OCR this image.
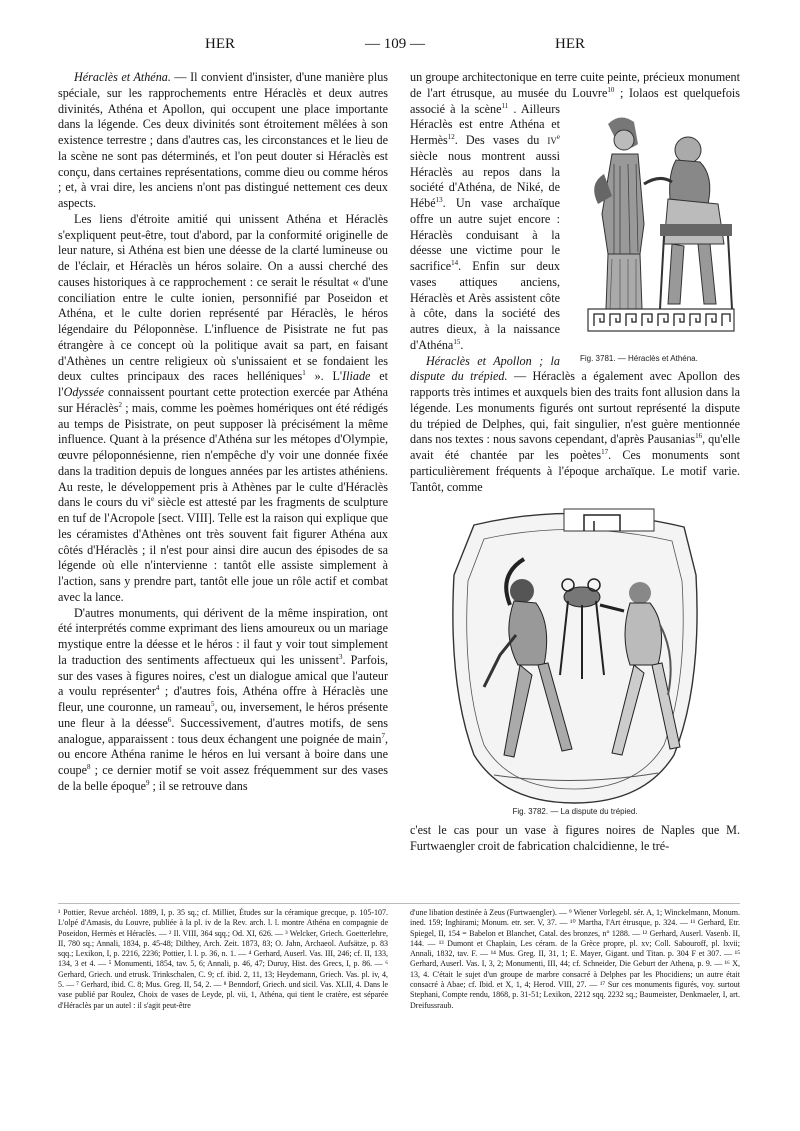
HER	— 109 —	HER

Héraclès et Athéna. — Il convient d'insister, d'une manière plus spéciale, sur les rapprochements entre Héraclès et deux autres divinités, Athéna et Apollon, qui occupent une place importante dans la légende. Ces deux divinités sont étroitement mêlées à son existence terrestre ; dans d'autres cas, les circonstances et le lieu de la scène ne sont pas déterminés, et l'on peut douter si Héraclès est conçu, dans certaines représentations, comme dieu ou comme héros ; et, à vrai dire, les anciens n'ont pas distingué nettement ces deux aspects.

Les liens d'étroite amitié qui unissent Athéna et Héraclès s'expliquent peut-être, tout d'abord, par la conformité originelle de leur nature, si Athéna est bien une déesse de la clarté lumineuse ou de l'éclair, et Héraclès un héros solaire. On a aussi cherché des causes historiques à ce rapprochement : ce serait le résultat « d'une conciliation entre le culte ionien, personnifié par Poseidon et Athéna, et le culte dorien représenté par Héraclès, le héros légendaire du Péloponnèse. L'influence de Pisistrate ne fut pas étrangère à ce concept où la politique avait sa part, en faisant d'Athènes un centre religieux où s'unissaient et se fondaient les deux cultes principaux des races helléniques$^1$ ». L'Iliade et l'Odyssée connaissent pourtant cette protection exercée par Athéna sur Héraclès$^2$ ; mais, comme les poèmes homériques ont été rédigés au temps de Pisistrate, on peut supposer là précisément la même influence. Quant à la présence d'Athéna sur les métopes d'Olympie, œuvre péloponnésienne, rien n'empêche d'y voir une donnée fixée dans la tradition depuis de longues années par les artistes athéniens. Au reste, le développement pris à Athènes par le culte d'Héraclès dans le cours du $vi^e$ siècle est attesté par les fragments de sculpture en tuf de l'Acropole [sect. VIII]. Telle est la raison qui explique que les céramistes d'Athènes ont très souvent fait figurer Athéna aux côtés d'Héraclès ; il n'est pour ainsi dire aucun des épisodes de sa légende où elle n'intervienne : tantôt elle assiste simplement à l'action, sans y prendre part, tantôt elle joue un rôle actif et combat avec la lance.

D'autres monuments, qui dérivent de la même inspiration, ont été interprétés comme exprimant des liens amoureux ou un mariage mystique entre la déesse et le héros : il faut y voir tout simplement la traduction des sentiments affectueux qui les unissent$^3$. Parfois, sur des vases à figures noires, c'est un dialogue amical que l'auteur a voulu représenter$^4$ ; d'autres fois, Athéna offre à Héraclès une fleur, une couronne, un rameau$^5$, ou, inversement, le héros présente une fleur à la déesse$^6$. Successivement, d'autres motifs, de sens analogue, apparaissent : tous deux échangent une poignée de main$^7$, ou encore Athéna ranime le héros en lui versant à boire dans une coupe$^8$ ; ce dernier motif se voit assez fréquemment sur des vases de la belle époque$^9$ ; il se retrouve dans

un groupe architectonique en terre cuite peinte, précieux monument de l'art étrusque, au musée du Louvre$^{10}$ ; Iolaos est quelquefois associé à la scène$^{11}$
Fig. 3781. — Héraclès et Athéna.
. Ailleurs Héraclès est entre Athéna et Hermès$^{12}$. Des vases du $iv^e$ siècle nous montrent aussi Héraclès au repos dans la société d'Athéna, de Niké, de Hébé$^{13}$. Un vase archaïque offre un autre sujet encore : Héraclès conduisant à la déesse une victime pour le sacrifice$^{14}$. Enfin sur deux vases attiques anciens, Héraclès et Arès assistent côte à côte, dans la société des autres dieux, à la naissance d'Athéna$^{15}$.

Héraclès et Apollon ; la dispute du trépied. — Héraclès a également avec Apollon des rapports très intimes et auxquels bien des traits font allusion dans la légende. Les monuments figurés ont surtout représenté la dispute du trépied de Delphes, qui, fait singulier, n'est guère mentionnée dans nos textes : nous savons cependant, d'après Pausanias$^{16}$, qu'elle avait été chantée par les poètes$^{17}$. Ces monuments sont particulièrement fréquents à l'époque archaïque. Le motif varie. Tantôt, comme

Fig. 3782. — La dispute du trépied.

c'est le cas pour un vase à figures noires de Naples que M. Furtwaengler croit de fabrication chalcidienne, le tré-

¹ Pottier, Revue archéol. 1889, I, p. 35 sq.; cf. Milliet, Études sur la céramique grecque, p. 105-107. L'olpé d'Amasis, du Louvre, publiée à la pl. iv de la Rev. arch. l. l. montre Athéna en compagnie de Poseidon, Hermès et Héraclès. — ² Il. VIII, 364 sqq.; Od. XI, 626. — ³ Welcker, Griech. Goetterlehre, II, 780 sq.; Annali, 1834, p. 45-48; Dilthey, Arch. Zeit. 1873, 83; O. Jahn, Archaeol. Aufsätze, p. 83 sqq.; Lexikon, I, p. 2216, 2236; Pottier, l. l. p. 36, n. 1. — ⁴ Gerhard, Auserl. Vas. III, 246; cf. II, 133, 134, 3 et 4. — ⁵ Monumenti, 1854, tav. 5, 6; Annali, p. 46, 47; Duruy, Hist. des Grecs, I, p. 86. — ⁶ Gerhard, Griech. und etrusk. Trinkschalen, C. 9; cf. ibid. 2, 11, 13; Heydemann, Griech. Vas. pl. iv, 4, 5. — ⁷ Gerhard, ibid. C. 8; Mus. Greg. II, 54, 2. — ⁸ Benndorf, Griech. und sicil. Vas. XLII, 4. Dans le vase publié par Roulez, Choix de vases de Leyde, pl. vii, 1, Athéna, qui tient le cratère, est séparée d'Héraclès par un autel : il s'agit peut-être
d'une libation destinée à Zeus (Furtwaengler). — ⁹ Wiener Vorlegebl. sér. A, 1; Winckelmann, Monum. ined. 159; Inghirami; Monum. etr. ser. V, 37. — ¹⁰ Martha, l'Art étrusque, p. 324. — ¹¹ Gerhard, Etr. Spiegel, II, 154 = Babelon et Blanchet, Catal. des bronzes, n° 1288. — ¹² Gerhard, Auserl. Vasenb. II, 144. — ¹³ Dumont et Chaplain, Les céram. de la Grèce propre, pl. xv; Coll. Sabouroff, pl. lxvii; Annali, 1832, tav. F. — ¹⁴ Mus. Greg. II, 31, 1; E. Mayer, Gigant. und Titan. p. 304 F et 307. — ¹⁵ Gerhard, Auserl. Vas. I, 3, 2; Monumenti, III, 44; cf. Schneider, Die Geburt der Athena, p. 9. — ¹⁶ X, 13, 4. C'était le sujet d'un groupe de marbre consacré à Delphes par les Phocidiens; un autre était consacré à Abae; cf. Ibid. et X, 1, 4; Herod. VIII, 27. — ¹⁷ Sur ces monuments figurés, voy. surtout Stephani, Compte rendu, 1868, p. 31-51; Lexikon, 2212 sqq. 2232 sq.; Baumeister, Denkmaeler, I, art. Dreifussraub.
